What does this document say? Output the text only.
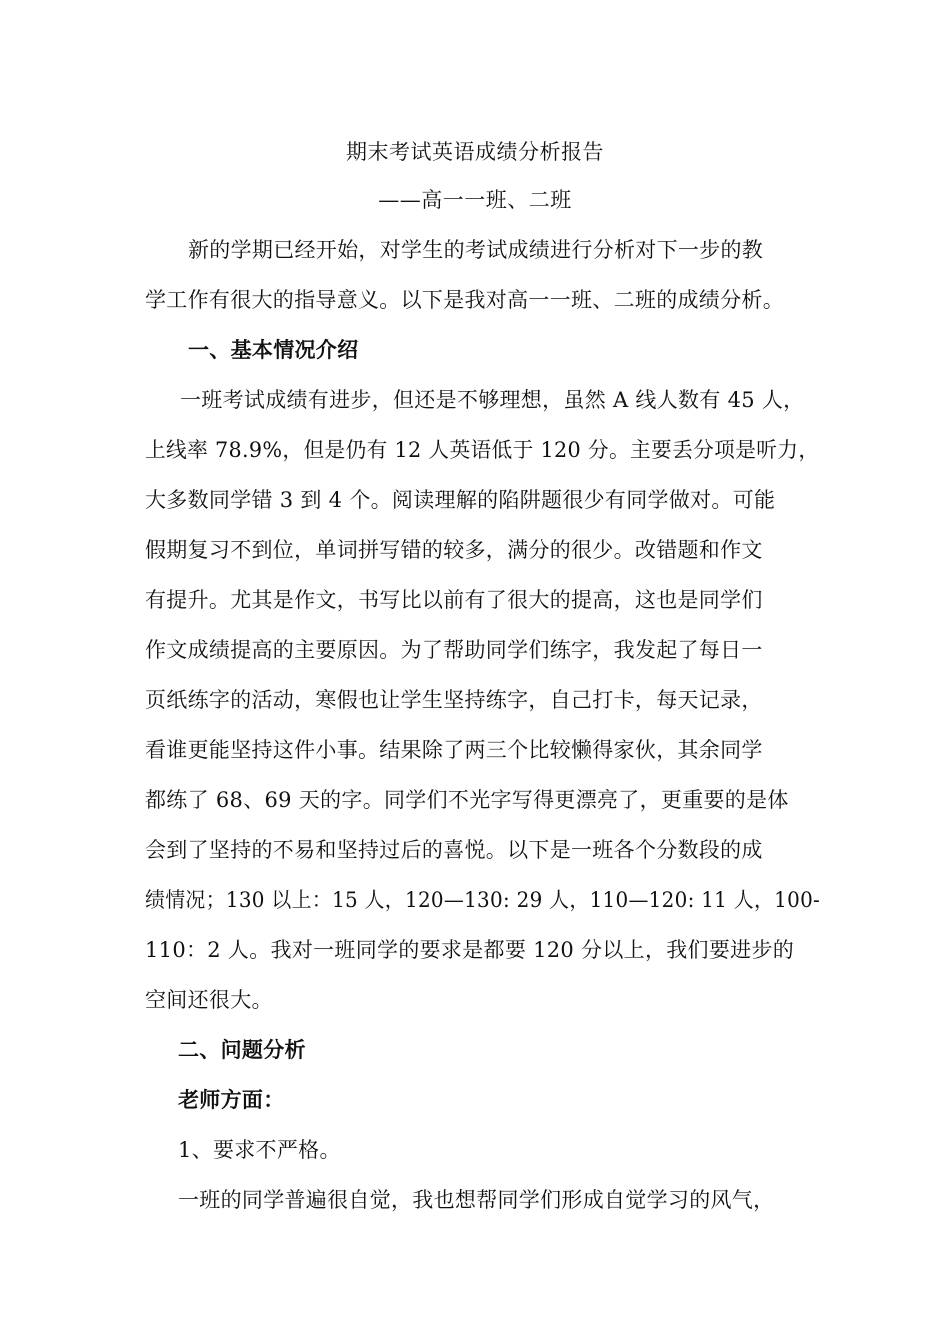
期末考试英语成绩分析报告
——高一一班、二班
新的学期已经开始，对学生的考试成绩进行分析对下一步的教
学工作有很大的指导意义。以下是我对高一一班、二班的成绩分析。
一、基本情况介绍
一班考试成绩有进步，但还是不够理想，虽然 A 线人数有 45 人，
上线率 78.9%，但是仍有 12 人英语低于 120 分。主要丢分项是听力，
大多数同学错 3 到 4 个。阅读理解的陷阱题很少有同学做对。可能
假期复习不到位，单词拼写错的较多，满分的很少。改错题和作文
有提升。尤其是作文，书写比以前有了很大的提高，这也是同学们
作文成绩提高的主要原因。为了帮助同学们练字，我发起了每日一
页纸练字的活动，寒假也让学生坚持练字，自己打卡，每天记录，
看谁更能坚持这件小事。结果除了两三个比较懒得家伙，其余同学
都练了 68、69 天的字。同学们不光字写得更漂亮了，更重要的是体
会到了坚持的不易和坚持过后的喜悦。以下是一班各个分数段的成
绩情况；130 以上：15 人，120—130: 29 人，110—120: 11 人，100-
110：2 人。我对一班同学的要求是都要 120 分以上，我们要进步的
空间还很大。
二、问题分析
老师方面：
1、要求不严格。
一班的同学普遍很自觉，我也想帮同学们形成自觉学习的风气，
